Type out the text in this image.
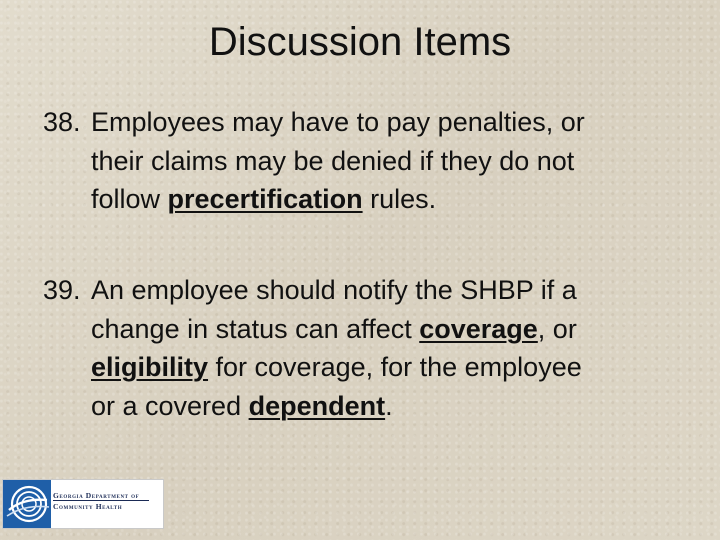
Discussion Items
38. Employees may have to pay penalties, or
their claims may be denied if they do not
follow precertification rules.
39. An employee should notify the SHBP if a
change in status can affect coverage, or
eligibility for coverage, for the employee
or a covered dependent.
Georgia Department of
Community Health
